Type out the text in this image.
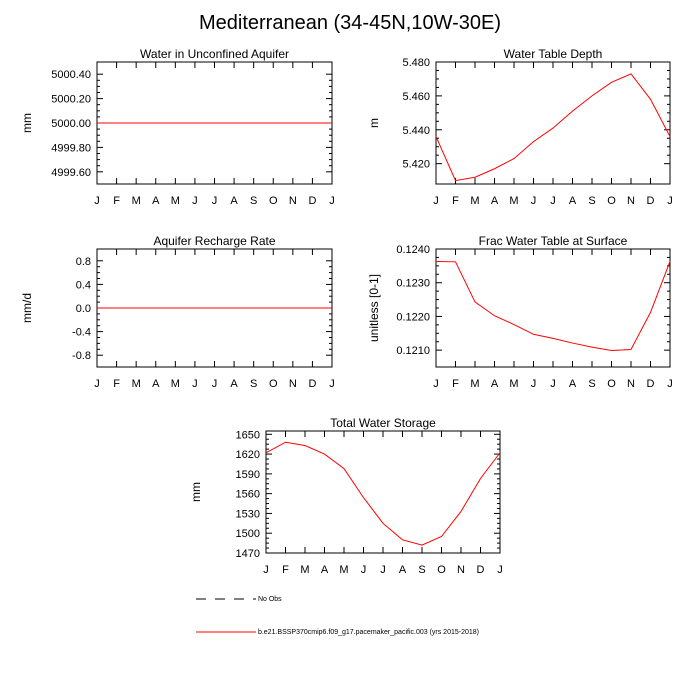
Mediterranean (34-45N,10W-30E)
Water in Unconfined Aquifer
mm
4999.60
4999.80
5000.00
5000.20
5000.40
J F M A M J J A S O N D J
Water Table Depth
m
5.420
5.440
5.460
5.480
J F M A M J J A S O N D J
Aquifer Recharge Rate
mm/d
-0.8
-0.4
0.0
0.4
0.8
J F M A M J J A S O N D J
Frac Water Table at Surface
unitless [0-1]
0.1210
0.1220
0.1230
0.1240
J F M A M J J A S O N D J
Total Water Storage
mm
1470
1500
1530
1560
1590
1620
1650
J F M A M J J A S O N D J
No Obs
b.e21.BSSP370cmip6.f09_g17.pacemaker_pacific.003 (yrs 2015-2018)
